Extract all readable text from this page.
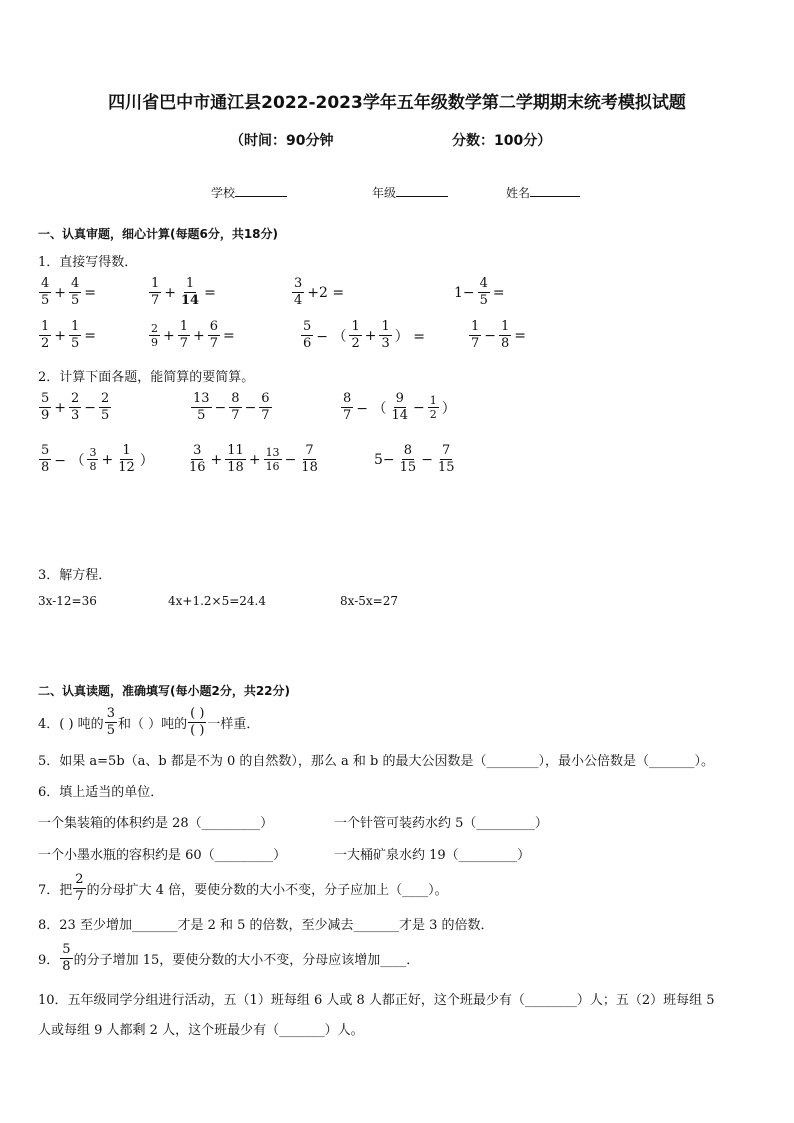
四川省巴中市通江县2022-2023学年五年级数学第二学期期末统考模拟试题
（时间：90分钟	分数：100分）
学校	年级	姓名
一、认真审题，细心计算(每题6分，共18分)
1．直接写得数．
$\frac{4}{5} + \frac{4}{5}$ =	$\frac{1}{7} + \frac{1}{14}$ =	$\frac{3}{4} +2$ =	$1- \frac{4}{5}$ =
$\frac{1}{2} + \frac{1}{5}$ =	$\frac{2}{9} + \frac{1}{7} + \frac{6}{7}$ =	$\frac{5}{6}$ − （ $\frac{1}{2} + \frac{1}{3}$ ） =	$\frac{1}{7} - \frac{1}{8}$ =
2．计算下面各题，能简算的要简算。
$\frac{5}{9} + \frac{2}{3} - \frac{2}{5}$	$\frac{13}{5} - \frac{8}{7} - \frac{6}{7}$	$\frac{8}{7}$ − （ $\frac{9}{14} - \frac{1}{2}$ ）
$\frac{5}{8}$ − （ $\frac{3}{8} + \frac{1}{12}$ ）	$\frac{3}{16} + \frac{11}{18} + \frac{13}{16} - \frac{7}{18}$	$5- \frac{8}{15} - \frac{7}{15}$
3．解方程．
3x-12=36	4x+1.2×5=24.4	8x-5x=27
二、认真读题，准确填写(每小题2分，共22分)
4．( ) 吨的 $\frac{3}{5}$ 和（ ）吨的 $\frac{( )}{( )}$ 一样重．
5．如果 a=5b（a、b 都是不为 0 的自然数），那么 a 和 b 的最大公因数是（________），最小公倍数是（_______）。
6．填上适当的单位．
一个集装箱的体积约是 28（_________）	一个针管可装药水约 5（_________）
一个小墨水瓶的容积约是 60（_________）	一大桶矿泉水约 19（_________）
7．把 $\frac{2}{7}$ 的分母扩大 4 倍，要使分数的大小不变，分子应加上（____）。
8．23 至少增加_______才是 2 和 5 的倍数，至少减去_______才是 3 的倍数．
9． $\frac{5}{8}$ 的分子增加 15，要使分数的大小不变，分母应该增加____．
10．五年级同学分组进行活动，五（1）班每组 6 人或 8 人都正好，这个班最少有（________）人；五（2）班每组 5
人或每组 9 人都剩 2 人，这个班最少有（_______）人。
